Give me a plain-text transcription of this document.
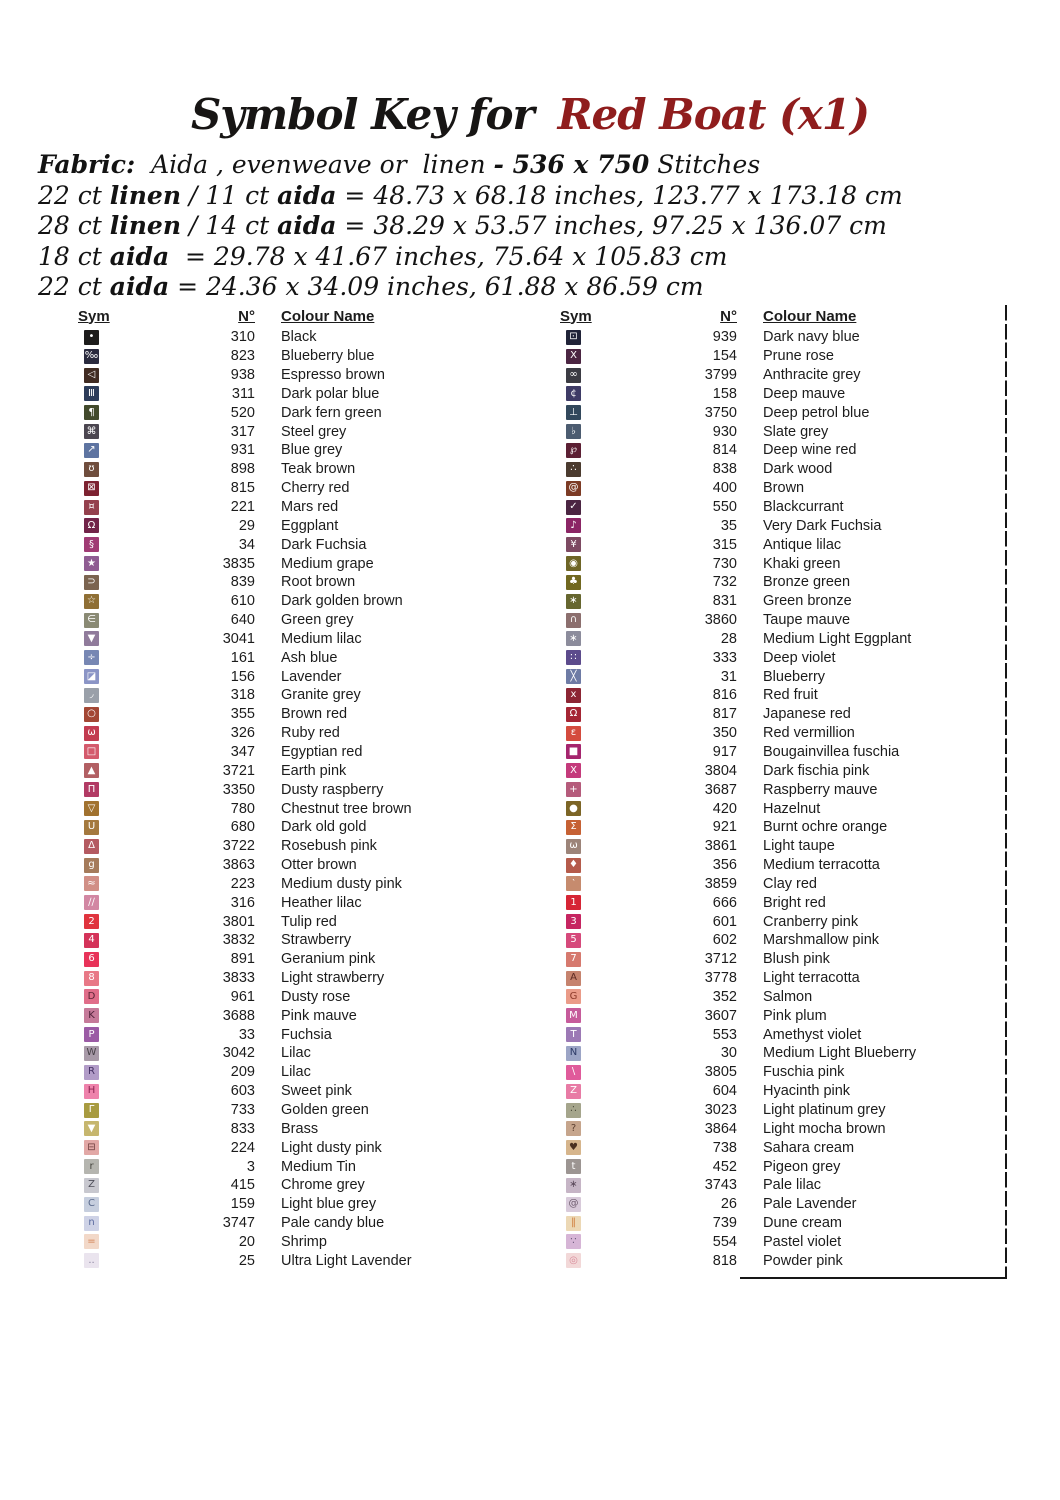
Symbol Key for Red Boat (x1)
Fabric:  Aida , evenweave or  linen - 536 x 750 Stitches
22 ct linen / 11 ct aida = 48.73 x 68.18 inches, 123.77 x 173.18 cm
28 ct linen / 14 ct aida = 38.29 x 53.57 inches, 97.25 x 136.07 cm
18 ct aida  = 29.78 x 41.67 inches, 75.64 x 105.83 cm
22 ct aida = 24.36 x 34.09 inches, 61.88 x 86.59 cm
Sym	N°	Colour Name
•	310	Black
‰	823	Blueberry blue
◁	938	Espresso brown
Ⅲ	311	Dark polar blue
¶	520	Dark fern green
⌘	317	Steel grey
↗	931	Blue grey
ʊ	898	Teak brown
⊠	815	Cherry red
¤	221	Mars red
Ω	29	Eggplant
§	34	Dark Fuchsia
★	3835	Medium grape
⊃	839	Root brown
☆	610	Dark golden brown
∈	640	Green grey
▼	3041	Medium lilac
÷	161	Ash blue
◪	156	Lavender
◞	318	Granite grey
○	355	Brown red
ω	326	Ruby red
□	347	Egyptian red
▲	3721	Earth pink
Π	3350	Dusty raspberry
▽	780	Chestnut tree brown
U	680	Dark old gold
Δ	3722	Rosebush pink
g	3863	Otter brown
≈	223	Medium dusty pink
∕∕	316	Heather lilac
2	3801	Tulip red
4	3832	Strawberry
6	891	Geranium pink
8	3833	Light strawberry
D	961	Dusty rose
K	3688	Pink mauve
P	33	Fuchsia
W	3042	Lilac
R	209	Lilac
H	603	Sweet pink
Γ	733	Golden green
▼	833	Brass
⊟	224	Light dusty pink
r	3	Medium Tin
Z	415	Chrome grey
C	159	Light blue grey
n	3747	Pale candy blue
=	20	Shrimp
..	25	Ultra Light Lavender
Sym	N°	Colour Name
⊡	939	Dark navy blue
X	154	Prune rose
∞	3799	Anthracite grey
¢	158	Deep mauve
⊥	3750	Deep petrol blue
♭	930	Slate grey
℘	814	Deep wine red
∴	838	Dark wood
@	400	Brown
✓	550	Blackcurrant
♪	35	Very Dark Fuchsia
¥	315	Antique lilac
◉	730	Khaki green
♣	732	Bronze green
∗	831	Green bronze
∩	3860	Taupe mauve
∗	28	Medium Light Eggplant
∷	333	Deep violet
╳	31	Blueberry
x	816	Red fruit
Ω	817	Japanese red
ε	350	Red vermillion
■	917	Bougainvillea fuschia
X	3804	Dark fischia pink
+	3687	Raspberry mauve
●	420	Hazelnut
Σ	921	Burnt ochre orange
ω	3861	Light taupe
♦	356	Medium terracotta
‵	3859	Clay red
1	666	Bright red
3	601	Cranberry pink
5	602	Marshmallow pink
7	3712	Blush pink
A	3778	Light terracotta
G	352	Salmon
M	3607	Pink plum
T	553	Amethyst violet
N	30	Medium Light Blueberry
\	3805	Fuschia pink
Z	604	Hyacinth pink
∴	3023	Light platinum grey
?	3864	Light mocha brown
♥	738	Sahara cream
t	452	Pigeon grey
∗	3743	Pale lilac
@	26	Pale Lavender
‖	739	Dune cream
∵	554	Pastel violet
◎	818	Powder pink
